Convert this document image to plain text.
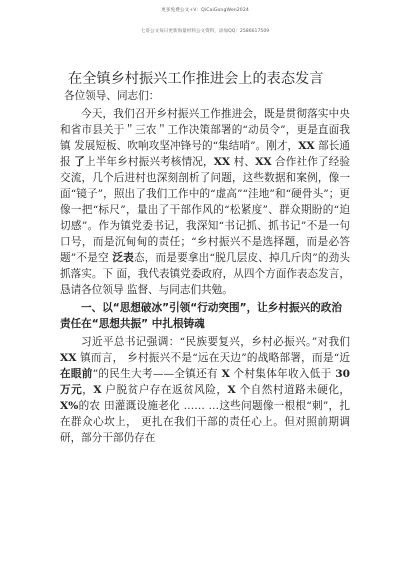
更多免费公文+V：QiCaiGongWen2024
七哥公文每日更新海量材料公文资料，添加QQ：2586617509
在全镇乡村振兴工作推进会上的表态发言

各位领导、同志们：

今天，我们召开乡村振兴工作推进会，既是贯彻落实中央和省市县关于＂三农＂工作决策部署的“动员令”，更是直面我镇 发展短板、吹响攻坚冲锋号的“集结哨”。刚才，XX 部长通报 了上半年乡村振兴考核情况，XX 村、XX 合作社作了经验交流，几个后进村也深刻剖析了问题，这些数据和案例，像一面“镜子”，照出了我们工作中的“虚高”“洼地”和“硬骨头”；更像一把“标尺”，量出了干部作风的“松紧度”、群众期盼的“迫切感”。作为镇党委书记，我深知“书记抓、抓书记”不是一句口号，而是沉甸甸的责任；“乡村振兴不是选择题，而是必答题”不是空 泛表态，而是要拿出“脱几层皮、掉几斤肉”的劲头抓落实。下 面，我代表镇党委政府，从四个方面作表态发言，恳请各位领导 监督、与同志们共勉。

一、以“思想破冰”引领“行动突围”，让乡村振兴的政治责任在“思想共振” 中扎根铸魂

习近平总书记强调：“民族要复兴，乡村必振兴。”对我们 XX 镇而言， 乡村振兴不是“远在天边”的战略部署，而是“近 在眼前”的民生大考——全镇还有 X 个村集体年收入低于 30 万元，X 户脱贫户存在返贫风险，X 个自然村道路未硬化，X%的农 田灌溉设施老化 …… …这些问题像一根根“刺”，扎在群众心坎上， 更扎在我们干部的责任心上。但对照前期调研，部分干部仍存在
